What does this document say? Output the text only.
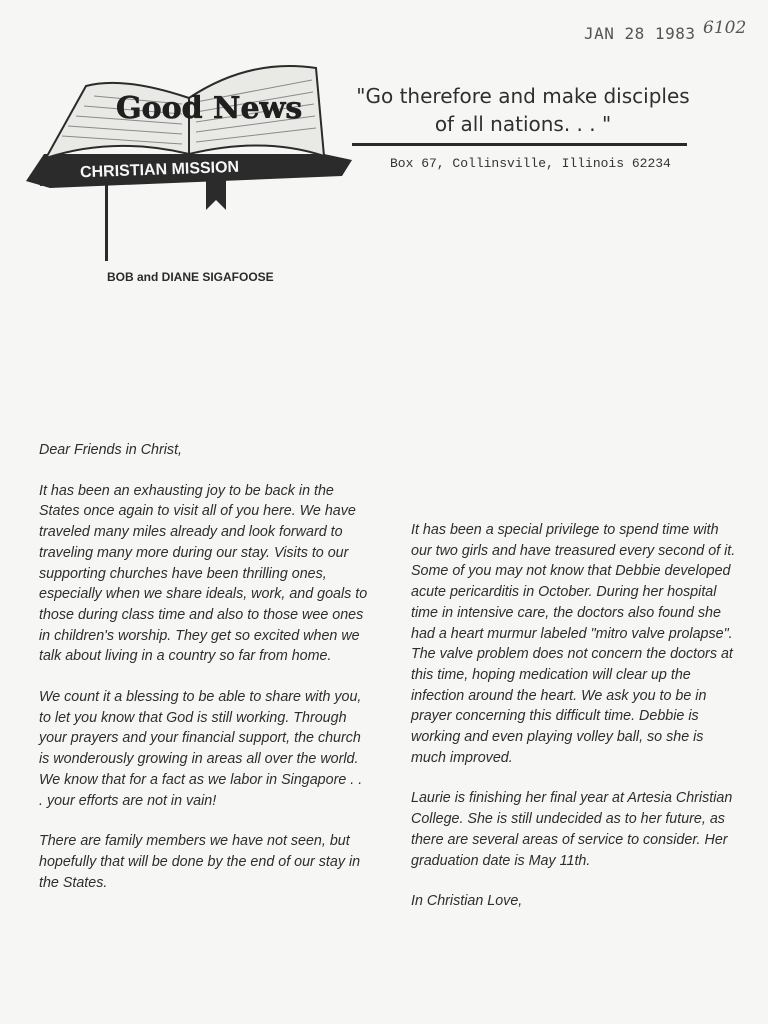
JAN 28 1983 6102
Good News
CHRISTIAN MISSION
"Go therefore and make disciples
of all nations. . . "
Box 67, Collinsville, Illinois 62234
BOB and DIANE SIGAFOOSE

Dear Friends in Christ,

It has been an exhausting joy to be back in the States once again to visit all of you here. We have traveled many miles already and look forward to traveling many more during our stay. Visits to our supporting churches have been thrilling ones, especially when we share ideals, work, and goals to those during class time and also to those wee ones in children's worship. They get so excited when we talk about living in a country so far from home.

We count it a blessing to be able to share with you, to let you know that God is still working. Through your prayers and your financial support, the church is wonderously growing in areas all over the world. We know that for a fact as we labor in Singapore . . . your efforts are not in vain!

There are family members we have not seen, but hopefully that will be done by the end of our stay in the States.

It has been a special privilege to spend time with our two girls and have treasured every second of it. Some of you may not know that Debbie developed acute pericarditis in October. During her hospital time in intensive care, the doctors also found she had a heart murmur labeled "mitro valve prolapse". The valve problem does not concern the doctors at this time, hoping medication will clear up the infection around the heart. We ask you to be in prayer concerning this difficult time. Debbie is working and even playing volley ball, so she is much improved.

Laurie is finishing her final year at Artesia Christian College. She is still undecided as to her future, as there are several areas of service to consider. Her graduation date is May 11th.

In Christian Love,
